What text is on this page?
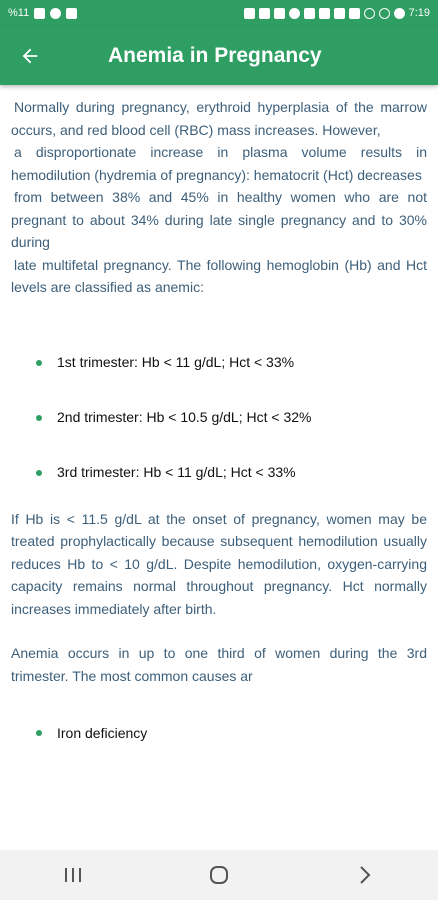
%11	7:19
Anemia in Pregnancy

Normally during pregnancy, erythroid hyperplasia of the marrow occurs, and red blood cell (RBC) mass increases. However,
a disproportionate increase in plasma volume results in hemodilution (hydremia of pregnancy): hematocrit (Hct) decreases
from between 38% and 45% in healthy women who are not pregnant to about 34% during late single pregnancy and to 30% during
late multifetal pregnancy. The following hemoglobin (Hb) and Hct levels are classified as anemic:

1st trimester: Hb < 11 g/dL; Hct < 33%
2nd trimester: Hb < 10.5 g/dL; Hct < 32%
3rd trimester: Hb < 11 g/dL; Hct < 33%

If Hb is < 11.5 g/dL at the onset of pregnancy, women may be treated prophylactically because subsequent hemodilution usually reduces Hb to < 10 g/dL. Despite hemodilution, oxygen-carrying capacity remains normal throughout pregnancy. Hct normally increases immediately after birth.

Anemia occurs in up to one third of women during the 3rd trimester. The most common causes ar

Iron deficiency
